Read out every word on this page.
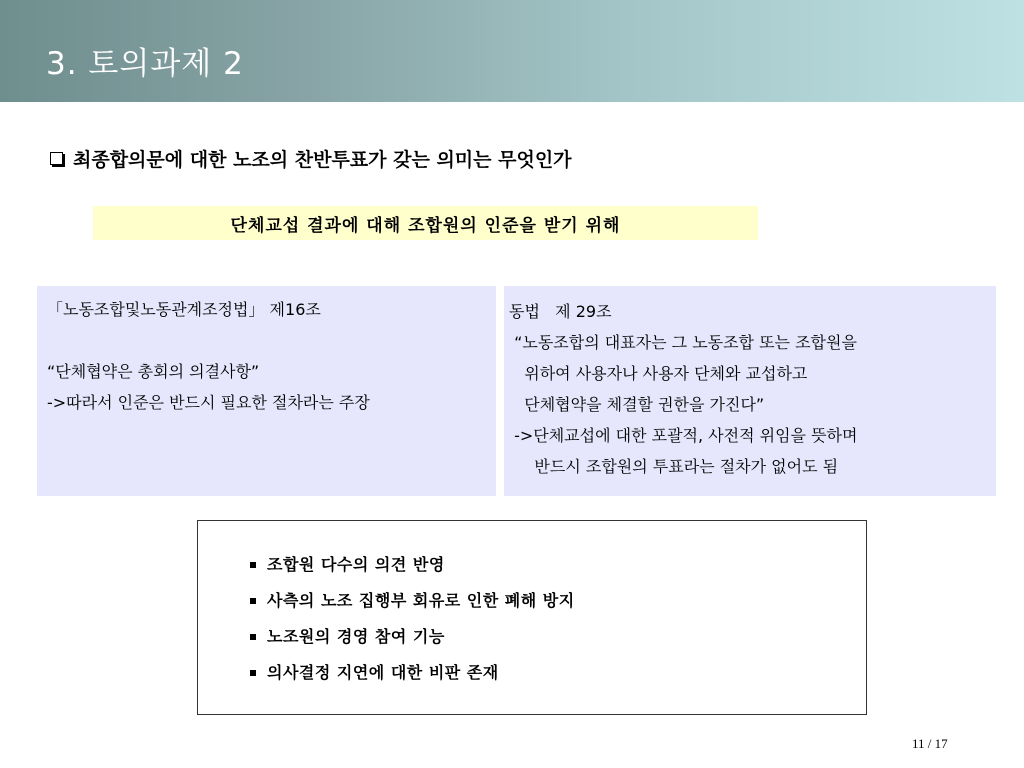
3. 토의과제 2
최종합의문에 대한 노조의 찬반투표가 갖는 의미는 무엇인가
단체교섭 결과에 대해 조합원의 인준을 받기 위해
「노동조합및노동관계조정법」 제16조
“단체협약은 총회의 의결사항”
->따라서 인준은 반드시 필요한 절차라는 주장
동법   제 29조
“노동조합의 대표자는 그 노동조합 또는 조합원을
위하여 사용자나 사용자 단체와 교섭하고
단체협약을 체결할 권한을 가진다”
->단체교섭에 대한 포괄적, 사전적 위임을 뜻하며
반드시 조합원의 투표라는 절차가 없어도 됨
조합원 다수의 의견 반영
사측의 노조 집행부 회유로 인한 폐해 방지
노조원의 경영 참여 기능
의사결정 지연에 대한 비판 존재
11 / 17
